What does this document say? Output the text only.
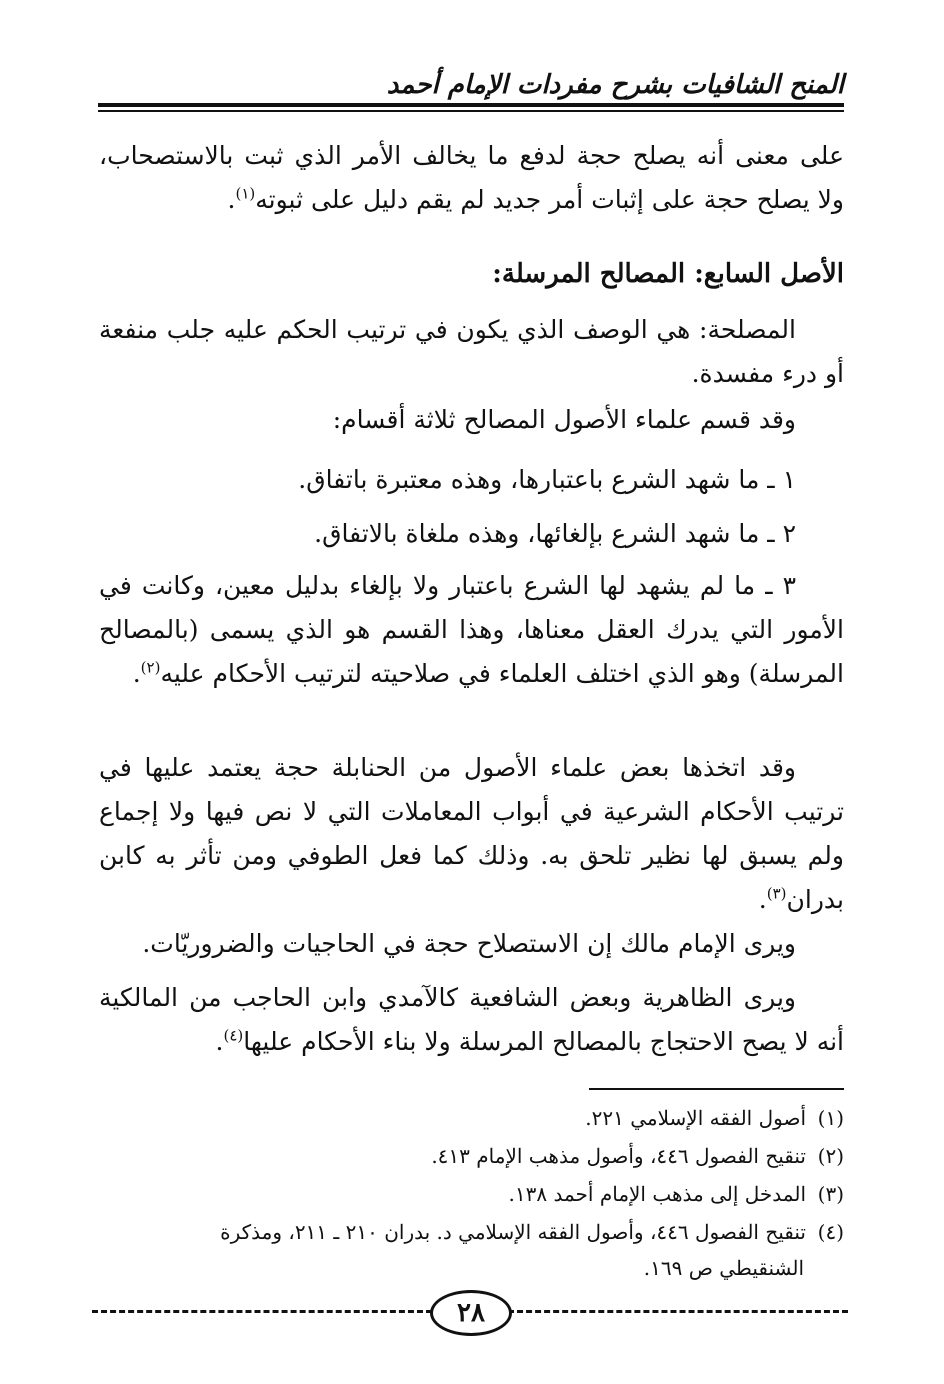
المنح الشافيات بشرح مفردات الإمام أحمد
على معنى أنه يصلح حجة لدفع ما يخالف الأمر الذي ثبت بالاستصحاب، ولا يصلح حجة على إثبات أمر جديد لم يقم دليل على ثبوته$^{(١)}$.
الأصل السابع: المصالح المرسلة:
المصلحة: هي الوصف الذي يكون في ترتيب الحكم عليه جلب منفعة أو درء مفسدة.
وقد قسم علماء الأصول المصالح ثلاثة أقسام:
١ ـ ما شهد الشرع باعتبارها، وهذه معتبرة باتفاق.
٢ ـ ما شهد الشرع بإلغائها، وهذه ملغاة بالاتفاق.
٣ ـ ما لم يشهد لها الشرع باعتبار ولا بإلغاء بدليل معين، وكانت في الأمور التي يدرك العقل معناها، وهذا القسم هو الذي يسمى (بالمصالح المرسلة) وهو الذي اختلف العلماء في صلاحيته لترتيب الأحكام عليه$^{(٢)}$.
وقد اتخذها بعض علماء الأصول من الحنابلة حجة يعتمد عليها في ترتيب الأحكام الشرعية في أبواب المعاملات التي لا نص فيها ولا إجماع ولم يسبق لها نظير تلحق به. وذلك كما فعل الطوفي ومن تأثر به كابن بدران$^{(٣)}$.
ويرى الإمام مالك إن الاستصلاح حجة في الحاجيات والضروريّات.
ويرى الظاهرية وبعض الشافعية كالآمدي وابن الحاجب من المالكية أنه لا يصح الاحتجاج بالمصالح المرسلة ولا بناء الأحكام عليها$^{(٤)}$.
(١)أصول الفقه الإسلامي ٢٢١.
(٢)تنقيح الفصول ٤٤٦، وأصول مذهب الإمام ٤١٣.
(٣)المدخل إلى مذهب الإمام أحمد ١٣٨.
(٤)تنقيح الفصول ٤٤٦، وأصول الفقه الإسلامي د. بدران ٢١٠ ـ ٢١١، ومذكرة
الشنقيطي ص ١٦٩.
٢٨
